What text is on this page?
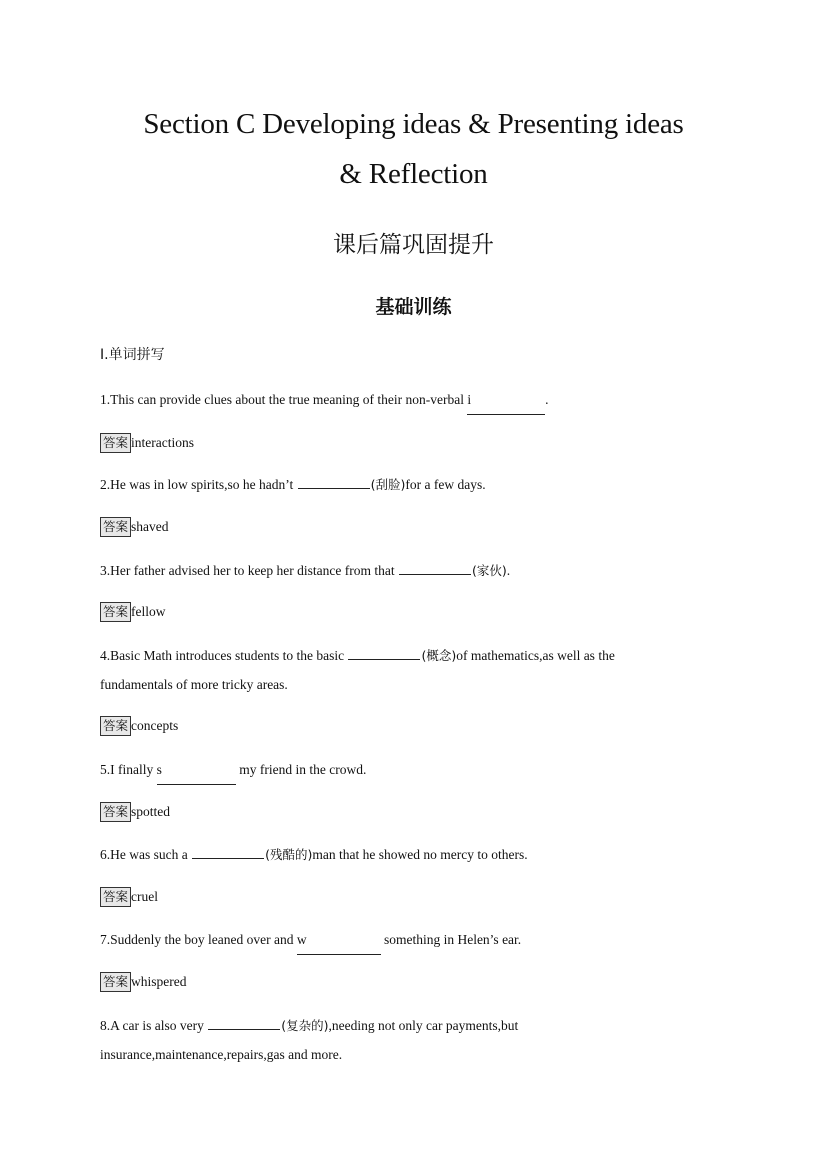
Section C Developing ideas & Presenting ideas
& Reflection
课后篇巩固提升
基础训练
Ⅰ.单词拼写
1.This can provide clues about the true meaning of their non-verbal i	.
答案 interactions
2.He was in low spirits,so he hadn’t	(刮脸)for a few days.
答案 shaved
3.Her father advised her to keep her distance from that	(家伙).
答案 fellow
4.Basic Math introduces students to the basic	(概念)of mathematics,as well as the
fundamentals of more tricky areas.
答案 concepts
5.I finally s	my friend in the crowd.
答案 spotted
6.He was such a	(残酷的)man that he showed no mercy to others.
答案 cruel
7.Suddenly the boy leaned over and w	something in Helen’s ear.
答案 whispered
8.A car is also very	(复杂的),needing not only car payments,but
insurance,maintenance,repairs,gas and more.
